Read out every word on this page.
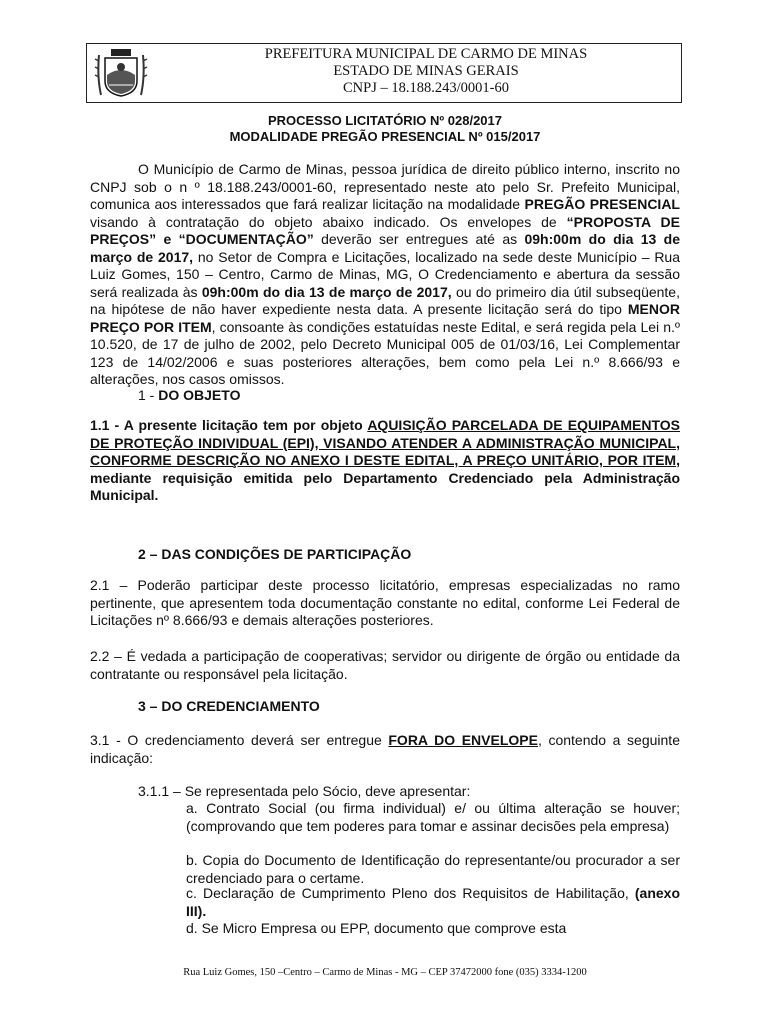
PREFEITURA MUNICIPAL DE CARMO DE MINAS
ESTADO DE MINAS GERAIS
CNPJ – 18.188.243/0001-60
PROCESSO LICITATÓRIO Nº 028/2017
MODALIDADE PREGÃO PRESENCIAL Nº 015/2017
O Município de Carmo de Minas, pessoa jurídica de direito público interno, inscrito no CNPJ sob o n º 18.188.243/0001-60, representado neste ato pelo Sr. Prefeito Municipal, comunica aos interessados que fará realizar licitação na modalidade PREGÃO PRESENCIAL visando à contratação do objeto abaixo indicado. Os envelopes de “PROPOSTA DE PREÇOS” e “DOCUMENTAÇÃO” deverão ser entregues até as 09h:00m do dia 13 de março de 2017, no Setor de Compra e Licitações, localizado na sede deste Município – Rua Luiz Gomes, 150 – Centro, Carmo de Minas, MG, O Credenciamento e abertura da sessão será realizada às 09h:00m do dia 13 de março de 2017, ou do primeiro dia útil subseqüente, na hipótese de não haver expediente nesta data. A presente licitação será do tipo MENOR PREÇO POR ITEM, consoante às condições estatuídas neste Edital, e será regida pela Lei n.º 10.520, de 17 de julho de 2002, pelo Decreto Municipal 005 de 01/03/16, Lei Complementar 123 de 14/02/2006 e suas posteriores alterações, bem como pela Lei n.º 8.666/93 e alterações, nos casos omissos.
1 - DO OBJETO
1.1 - A presente licitação tem por objeto AQUISIÇÃO PARCELADA DE EQUIPAMENTOS DE PROTEÇÃO INDIVIDUAL (EPI), VISANDO ATENDER A ADMINISTRAÇÃO MUNICIPAL, CONFORME DESCRIÇÃO NO ANEXO I DESTE EDITAL, A PREÇO UNITÁRIO, POR ITEM, mediante requisição emitida pelo Departamento Credenciado pela Administração Municipal.
2 – DAS CONDIÇÕES DE PARTICIPAÇÃO
2.1 – Poderão participar deste processo licitatório, empresas especializadas no ramo pertinente, que apresentem toda documentação constante no edital, conforme Lei Federal de Licitações nº 8.666/93 e demais alterações posteriores.
2.2 – É vedada a participação de cooperativas; servidor ou dirigente de órgão ou entidade da contratante ou responsável pela licitação.
3 – DO CREDENCIAMENTO
3.1 - O credenciamento deverá ser entregue FORA DO ENVELOPE, contendo a seguinte indicação:
3.1.1 – Se representada pelo Sócio, deve apresentar:
a. Contrato Social (ou firma individual) e/ ou última alteração se houver; (comprovando que tem poderes para tomar e assinar decisões pela empresa)
b. Copia do Documento de Identificação do representante/ou procurador a ser credenciado para o certame.
c. Declaração de Cumprimento Pleno dos Requisitos de Habilitação, (anexo III).
d. Se Micro Empresa ou EPP, documento que comprove esta
Rua Luiz Gomes, 150 –Centro – Carmo de Minas - MG – CEP 37472000 fone (035) 3334-1200
